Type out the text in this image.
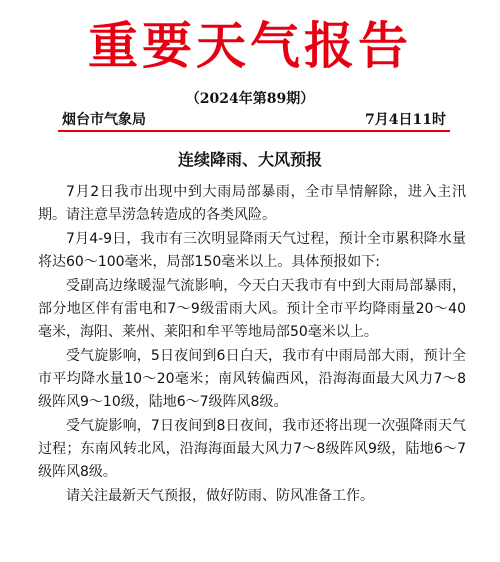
重要天气报告
（2024年第89期）
烟台市气象局	7月4日11时
连续降雨、大风预报

7月2日我市出现中到大雨局部暴雨，全市旱情解除，进入主汛期。请注意旱涝急转造成的各类风险。

7月4-9日，我市有三次明显降雨天气过程，预计全市累积降水量将达60～100毫米，局部150毫米以上。具体预报如下:

受副高边缘暖湿气流影响，今天白天我市有中到大雨局部暴雨，部分地区伴有雷电和7～9级雷雨大风。预计全市平均降雨量20～40毫米，海阳、莱州、莱阳和牟平等地局部50毫米以上。

受气旋影响，5日夜间到6日白天，我市有中雨局部大雨，预计全市平均降水量10～20毫米；南风转偏西风，沿海海面最大风力7～8级阵风9～10级，陆地6～7级阵风8级。

受气旋影响，7日夜间到8日夜间，我市还将出现一次强降雨天气过程；东南风转北风，沿海海面最大风力7～8级阵风9级，陆地6～7级阵风8级。

请关注最新天气预报，做好防雨、防风准备工作。
